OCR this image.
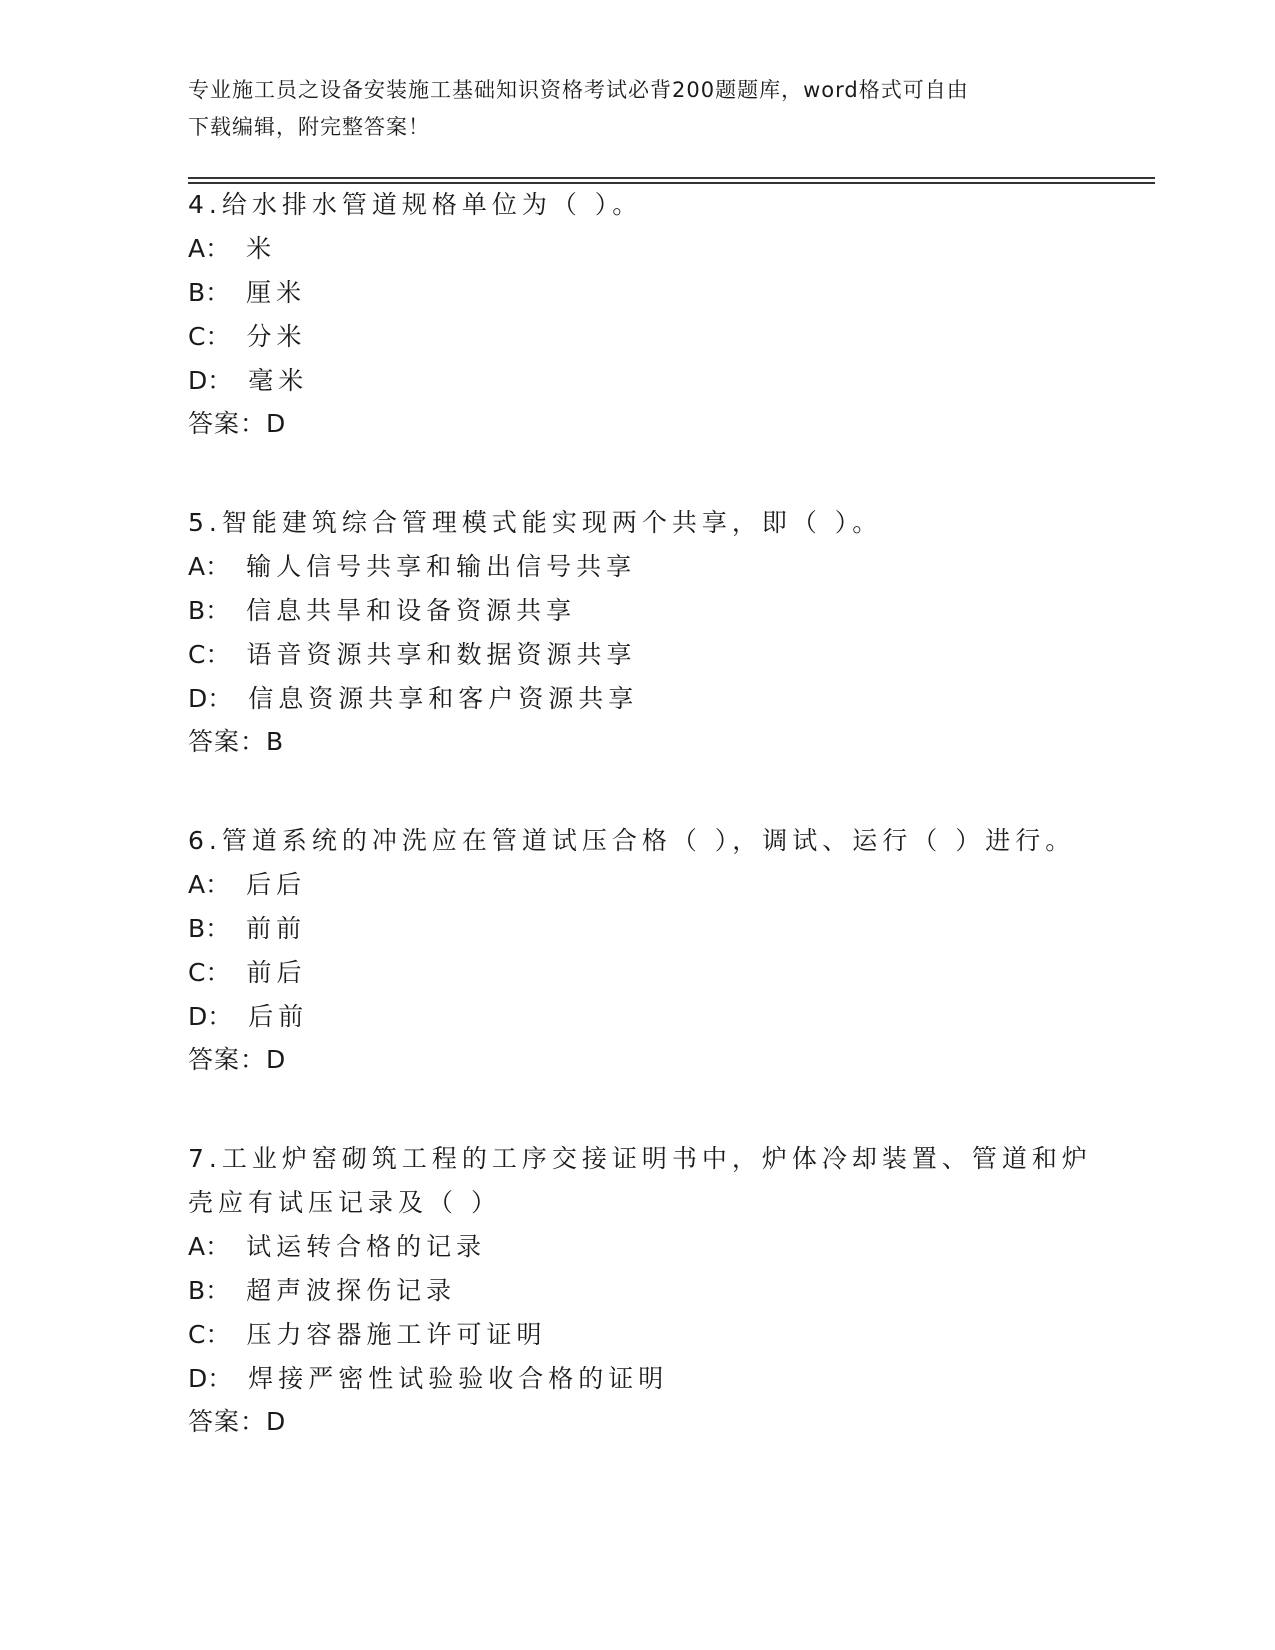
专业施工员之设备安装施工基础知识资格考试必背200题题库，word格式可自由
下载编辑，附完整答案！
4.给水排水管道规格单位为（ ）。
A： 米
B： 厘米
C： 分米
D： 毫米
答案：D
5.智能建筑综合管理模式能实现两个共享，即（ ）。
A： 输人信号共享和输出信号共享
B： 信息共旱和设备资源共享
C： 语音资源共享和数据资源共享
D： 信息资源共享和客户资源共享
答案：B
6.管道系统的冲洗应在管道试压合格（ ），调试、运行（ ）进行。
A： 后后
B： 前前
C： 前后
D： 后前
答案：D
7.工业炉窑砌筑工程的工序交接证明书中，炉体冷却装置、管道和炉
壳应有试压记录及（ ）
A： 试运转合格的记录
B： 超声波探伤记录
C： 压力容器施工许可证明
D： 焊接严密性试验验收合格的证明
答案：D
